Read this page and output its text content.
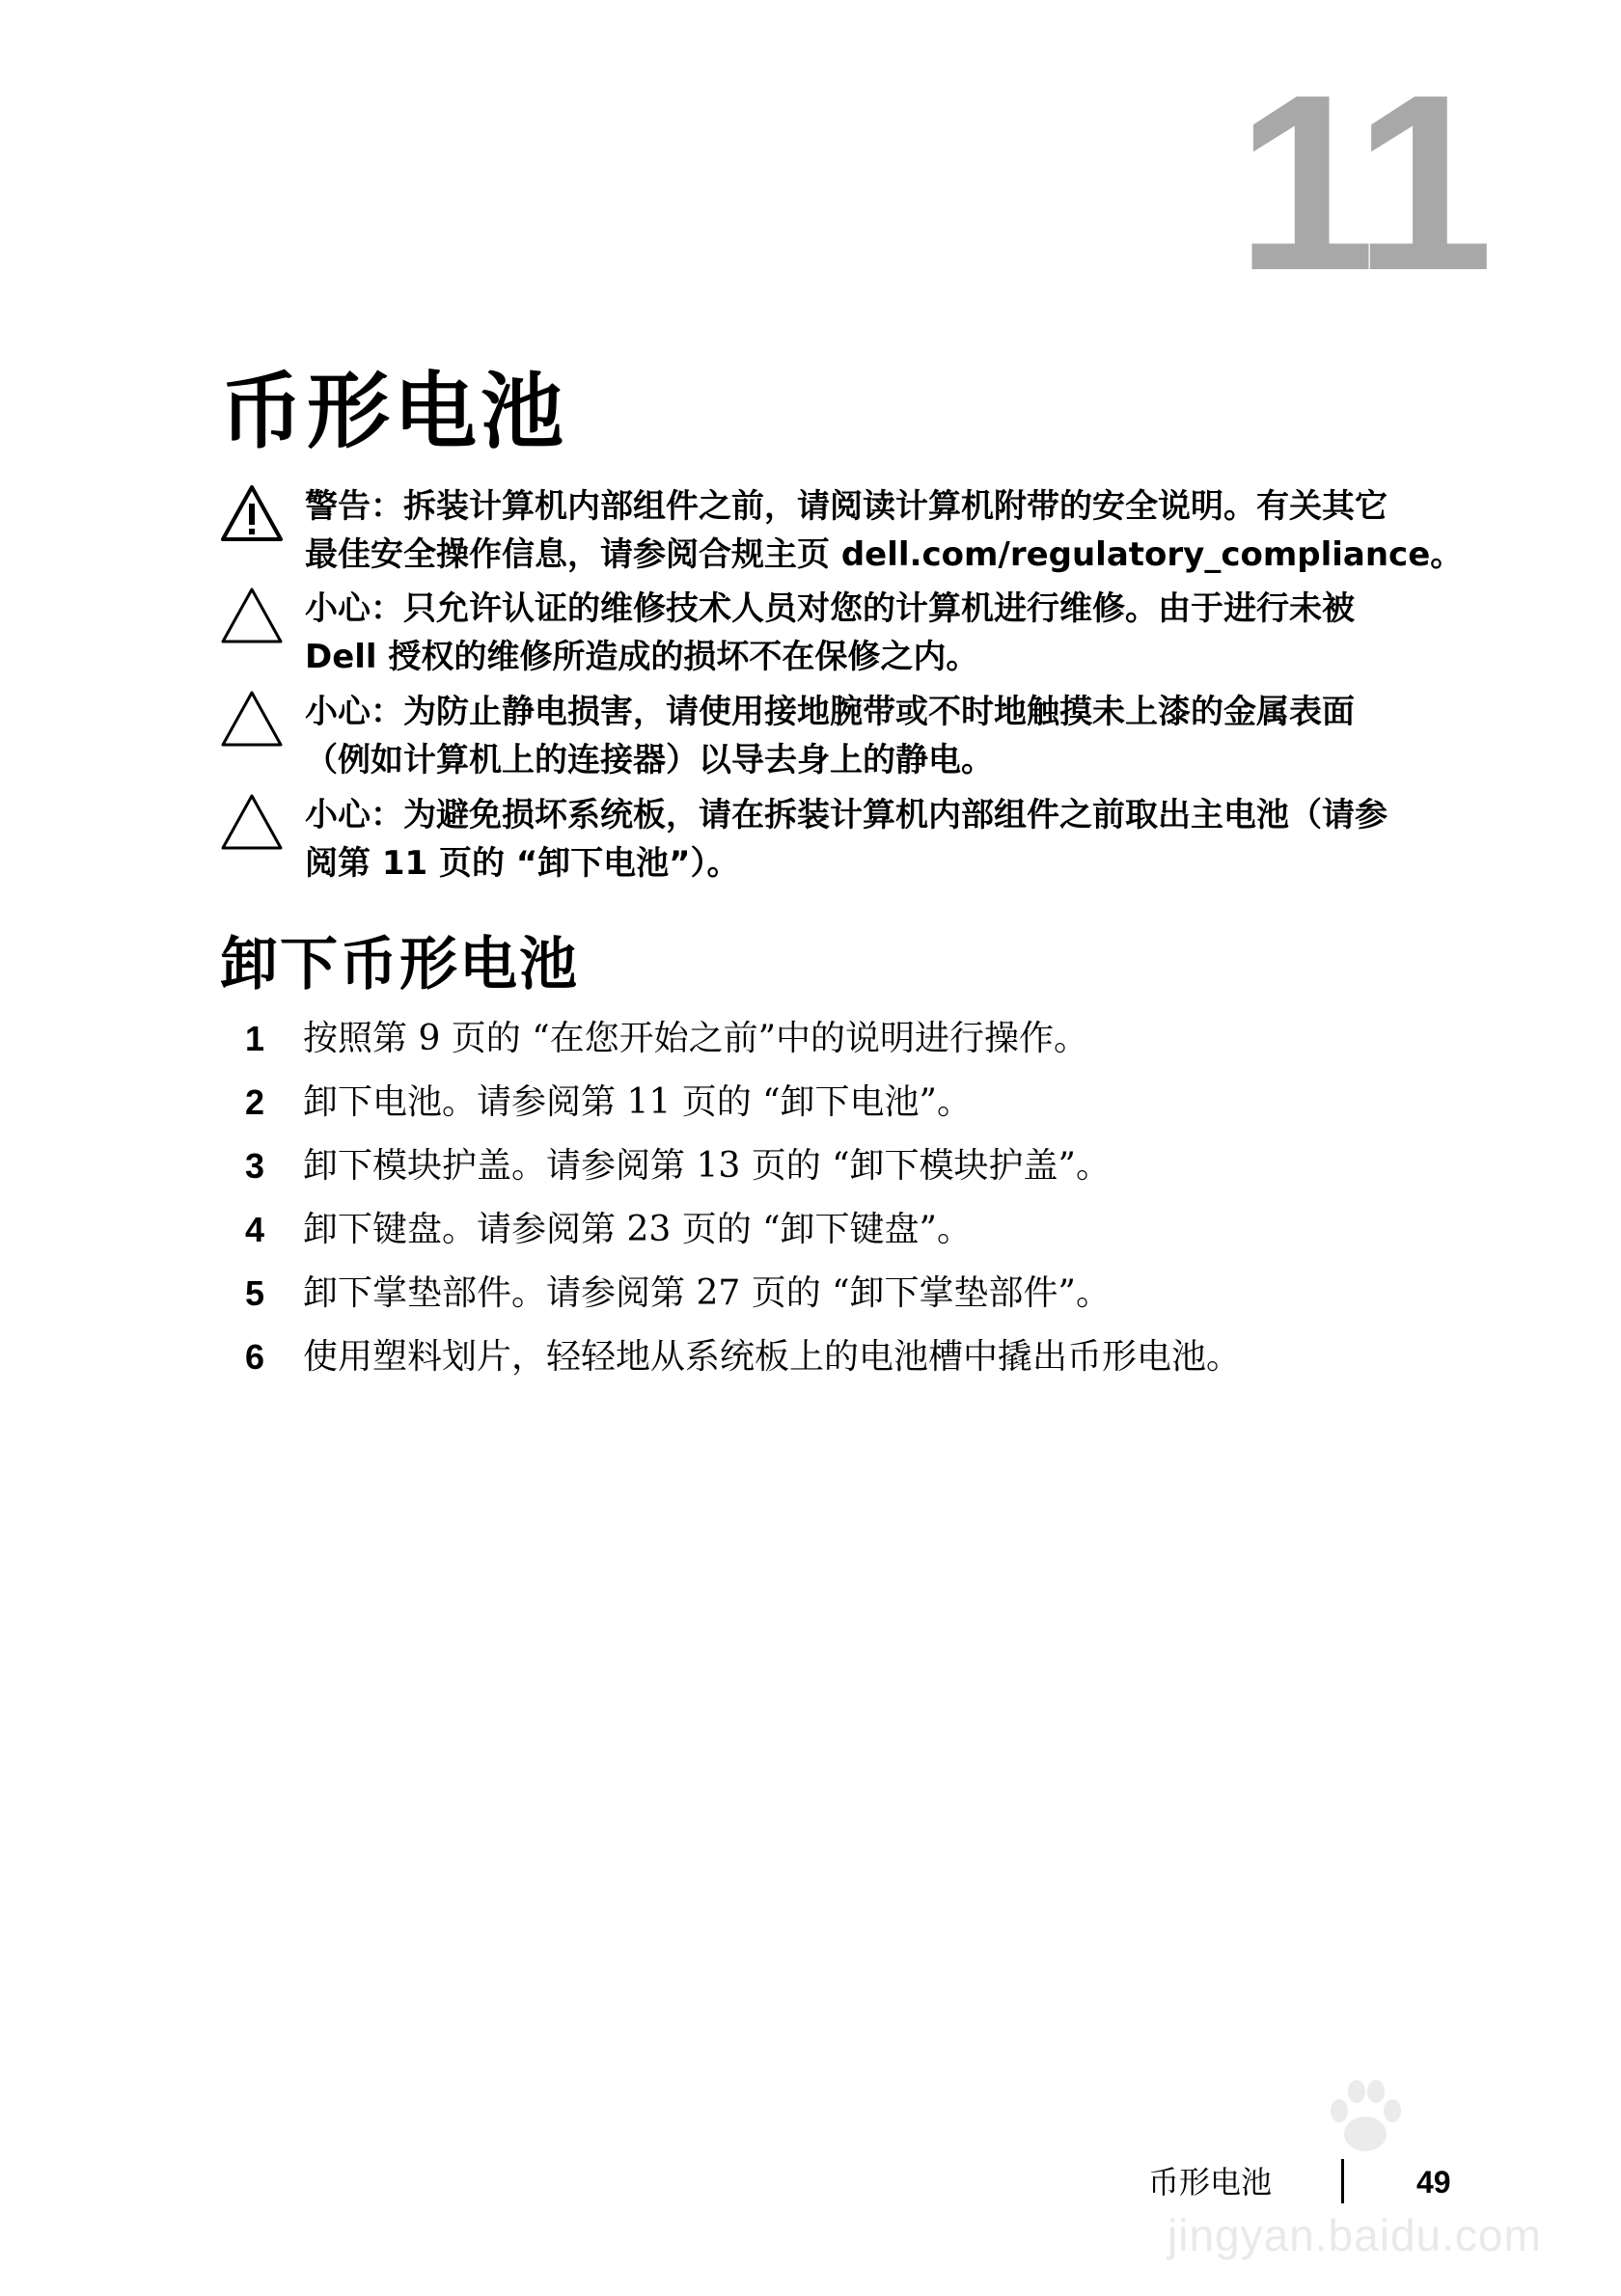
11
币形电池
警告：拆装计算机内部组件之前，请阅读计算机附带的安全说明。有关其它
最佳安全操作信息，请参阅合规主页 dell.com/regulatory_compliance。
小心：只允许认证的维修技术人员对您的计算机进行维修。由于进行未被
Dell 授权的维修所造成的损坏不在保修之内。
小心：为防止静电损害，请使用接地腕带或不时地触摸未上漆的金属表面
（例如计算机上的连接器）以导去身上的静电。
小心：为避免损坏系统板，请在拆装计算机内部组件之前取出主电池（请参
阅第 11 页的 “卸下电池”）。
卸下币形电池
1 按照第 9 页的 “在您开始之前”中的说明进行操作。
2 卸下电池。请参阅第 11 页的 “卸下电池”。
3 卸下模块护盖。请参阅第 13 页的 “卸下模块护盖”。
4 卸下键盘。请参阅第 23 页的 “卸下键盘”。
5 卸下掌垫部件。请参阅第 27 页的 “卸下掌垫部件”。
6 使用塑料划片，轻轻地从系统板上的电池槽中撬出币形电池。
jingyan.baidu.com
币形电池	49
